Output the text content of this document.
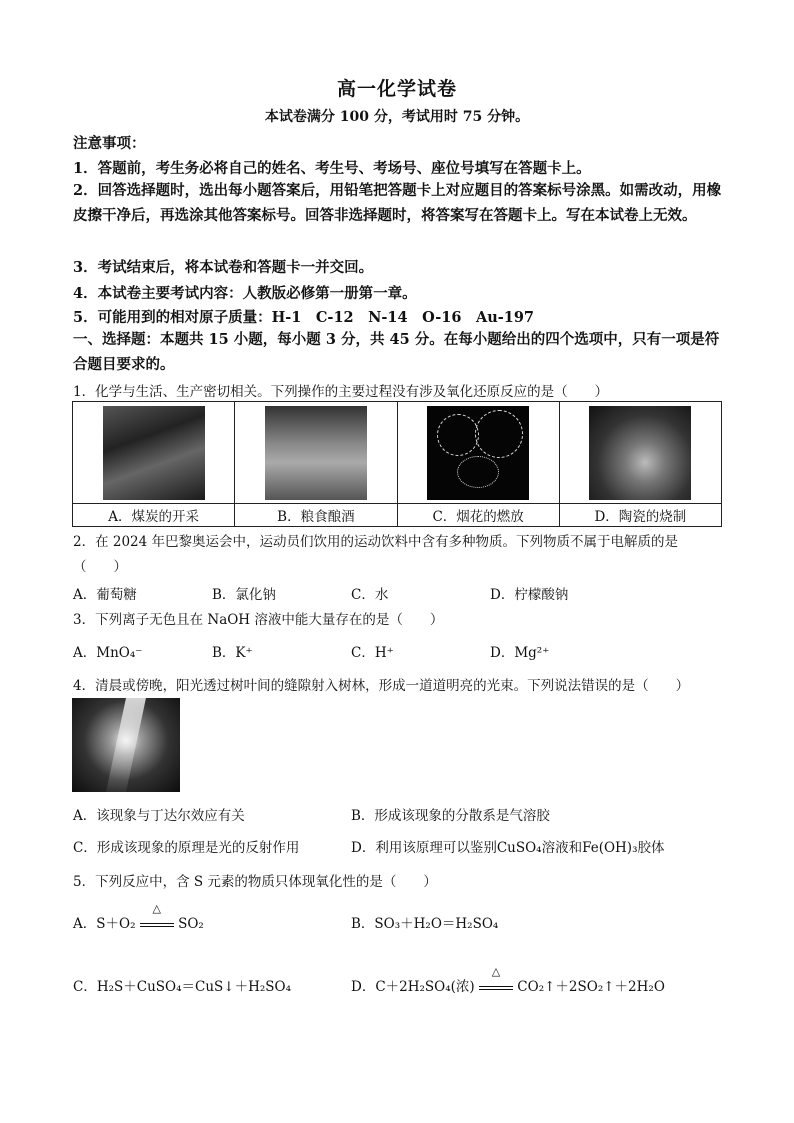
高一化学试卷
本试卷满分 100 分，考试用时 75 分钟。
注意事项：
1．答题前，考生务必将自己的姓名、考生号、考场号、座位号填写在答题卡上。
2．回答选择题时，选出每小题答案后，用铅笔把答题卡上对应题目的答案标号涂黑。如需改动，用橡皮擦干净后，再选涂其他答案标号。回答非选择题时，将答案写在答题卡上。写在本试卷上无效。
3．考试结束后，将本试卷和答题卡一并交回。
4．本试卷主要考试内容：人教版必修第一册第一章。
5．可能用到的相对原子质量：H-1　C-12　N-14　O-16　Au-197
一、选择题：本题共 15 小题，每小题 3 分，共 45 分。在每小题给出的四个选项中，只有一项是符合题目要求的。
1．化学与生活、生产密切相关。下列操作的主要过程没有涉及氧化还原反应的是（　　）

A．煤炭的开采	B．粮食酿酒	C．烟花的燃放	D．陶瓷的烧制
2．在 2024 年巴黎奥运会中，运动员们饮用的运动饮料中含有多种物质。下列物质不属于电解质的是（　　）
A．葡萄糖	B．氯化钠	C．水	D．柠檬酸钠
3．下列离子无色且在 NaOH 溶液中能大量存在的是（　　）
A．MnO₄⁻	B．K⁺	C．H⁺	D．Mg²⁺
4．清晨或傍晚，阳光透过树叶间的缝隙射入树林，形成一道道明亮的光束。下列说法错误的是（　　）
A．该现象与丁达尔效应有关	B．形成该现象的分散系是气溶胶
C．形成该现象的原理是光的反射作用	D．利用该原理可以鉴别CuSO₄溶液和Fe(OH)₃胶体
5．下列反应中，含 S 元素的物质只体现氧化性的是（　　）
A．S＋O₂
△
SO₂	B．SO₃＋H₂O＝H₂SO₄
C．H₂S＋CuSO₄＝CuS↓＋H₂SO₄	D．C＋2H₂SO₄(浓)
△
CO₂↑＋2SO₂↑＋2H₂O
